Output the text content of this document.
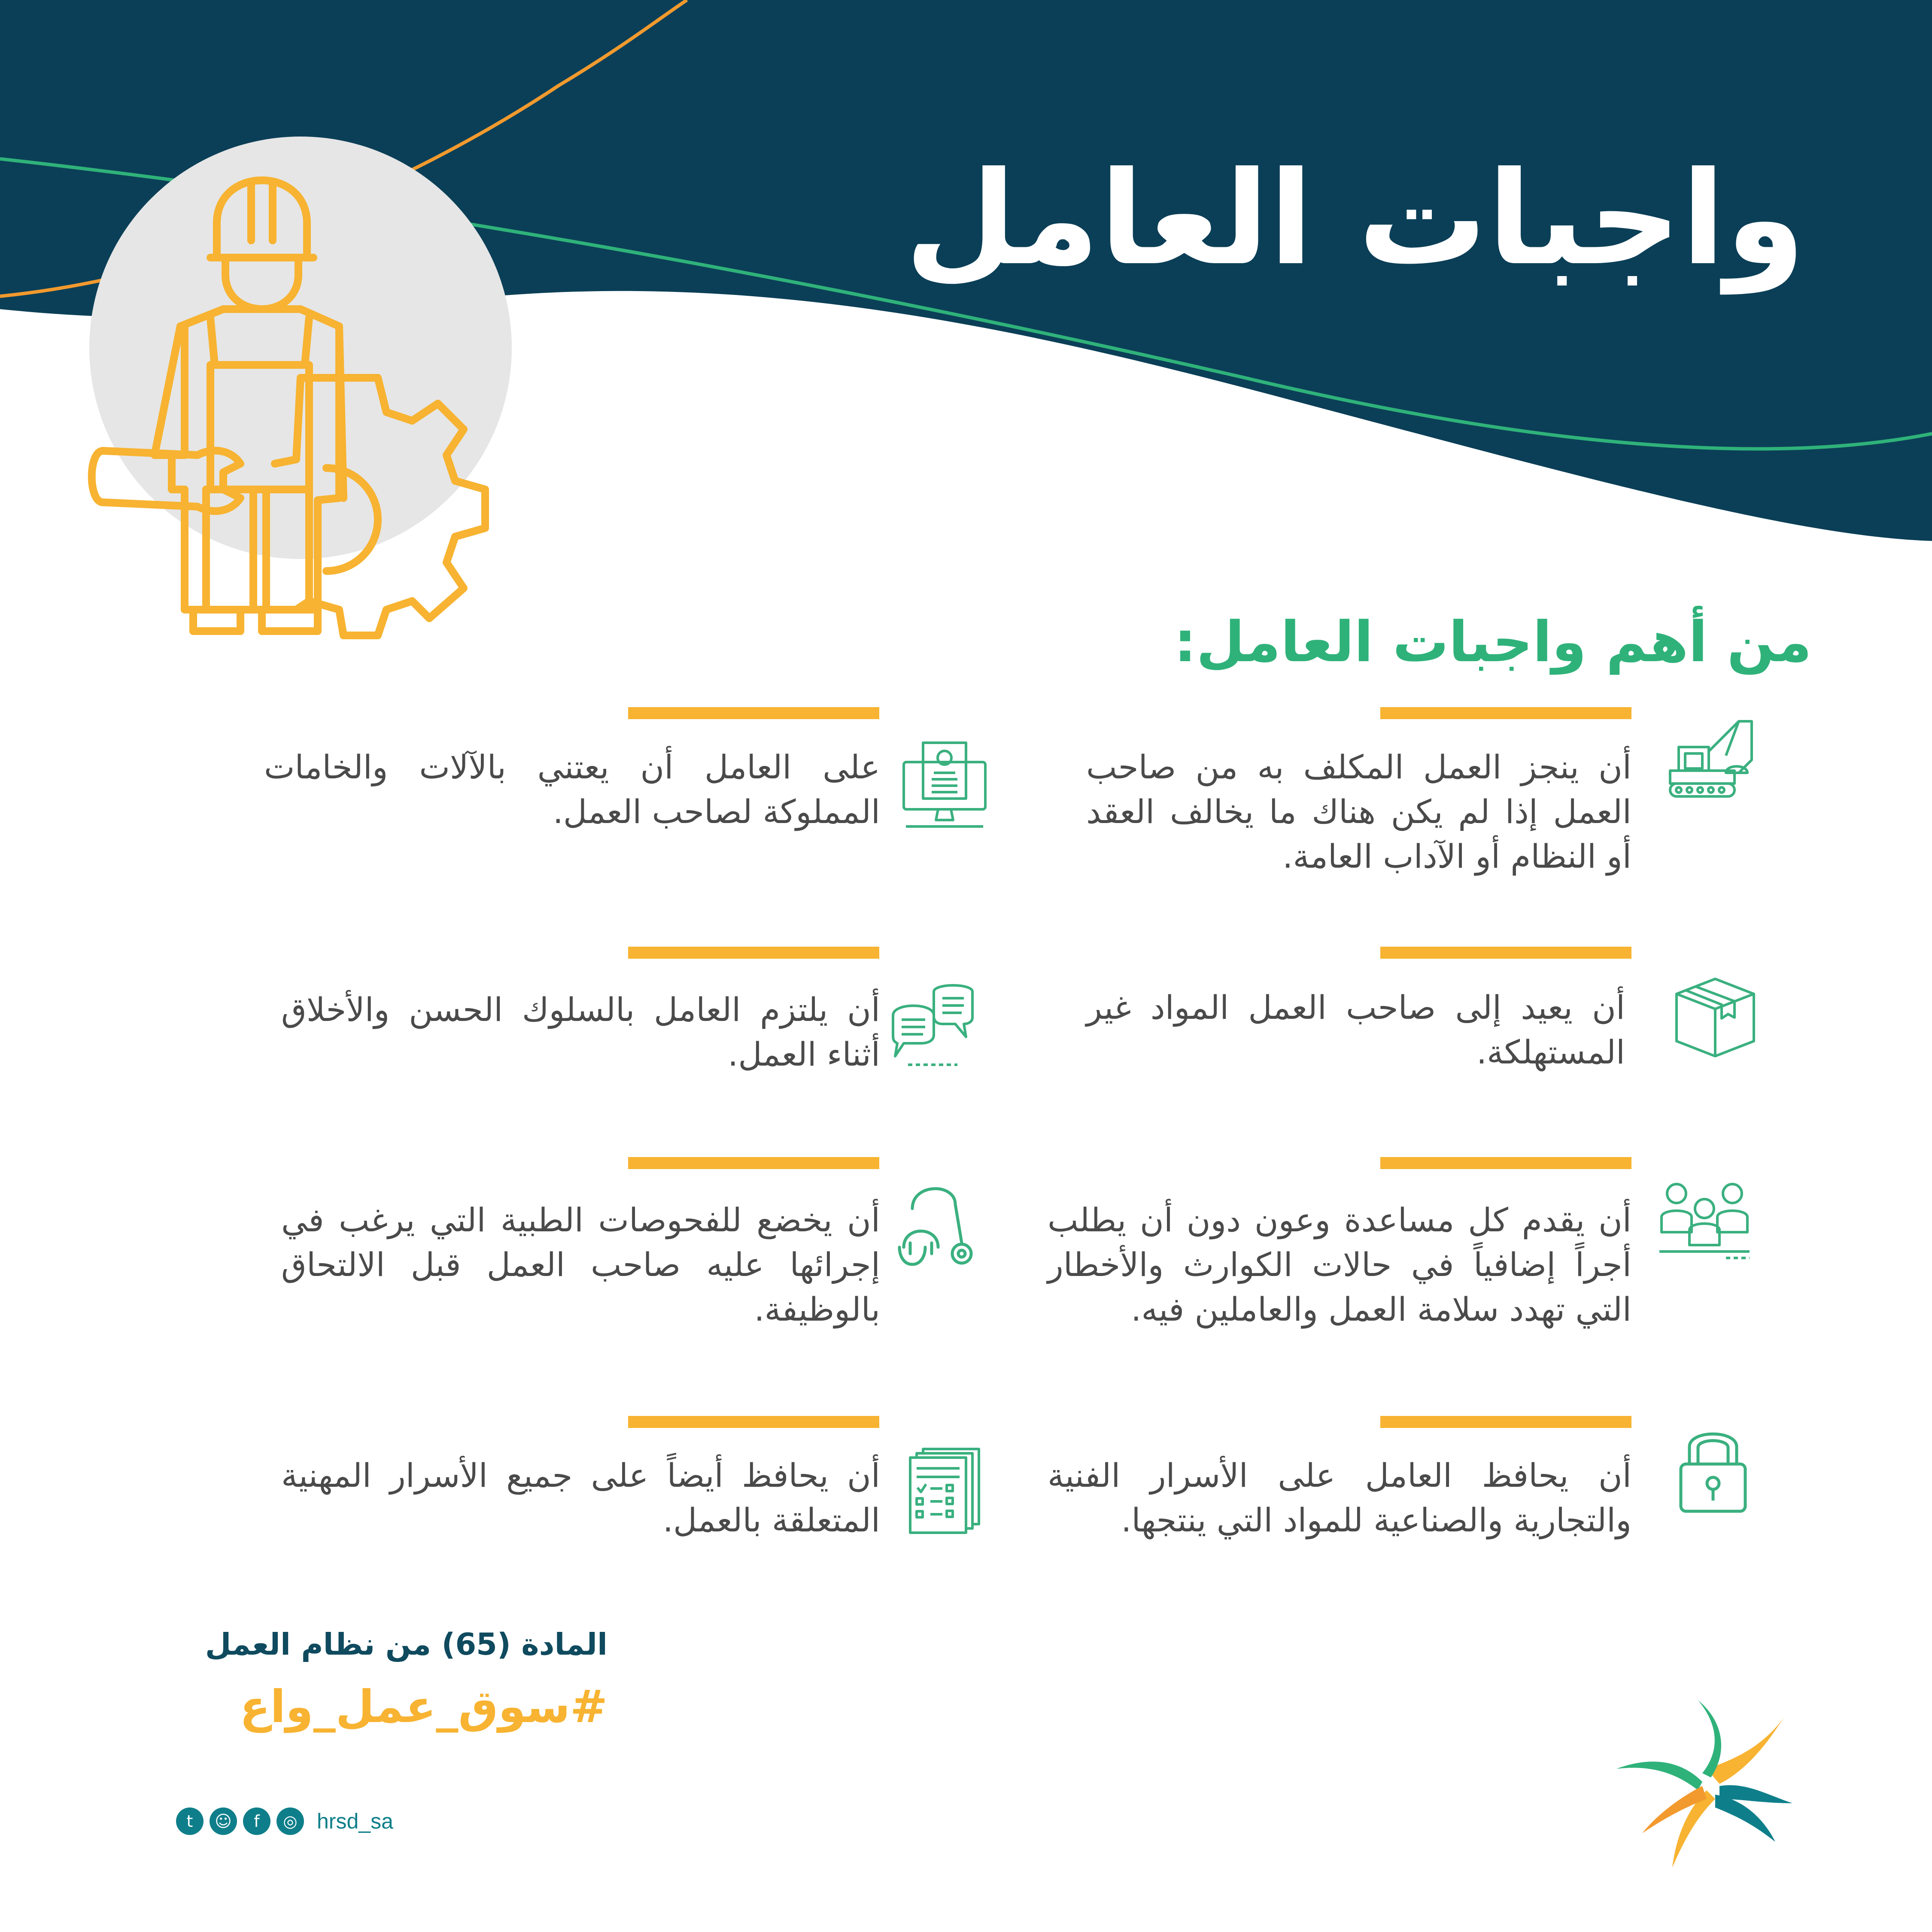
واجبات العامل
من أهم واجبات العامل:
أن ينجز العمل المكلف به من صاحب العمل إذا لم يكن هناك ما يخالف العقد أو النظام أو الآداب العامة.
أن يعيد إلى صاحب العمل المواد غير المستهلكة.
أن يقدم كل مساعدة وعون دون أن يطلب أجراً إضافياً في حالات الكوارث والأخطار التي تهدد سلامة العمل والعاملين فيه.
أن يحافظ العامل على الأسرار الفنية والتجارية والصناعية للمواد التي ينتجها.
على العامل أن يعتني بالآلات والخامات المملوكة لصاحب العمل.
أن يلتزم العامل بالسلوك الحسن والأخلاق أثناء العمل.
أن يخضع للفحوصات الطبية التي يرغب في إجرائها عليه صاحب العمل قبل الالتحاق بالوظيفة.
أن يحافظ أيضاً على جميع الأسرار المهنية المتعلقة بالعمل.
المادة (65) من نظام العمل
#سوق_عمل_واع
t	☺	f	◎ hrsd_sa
